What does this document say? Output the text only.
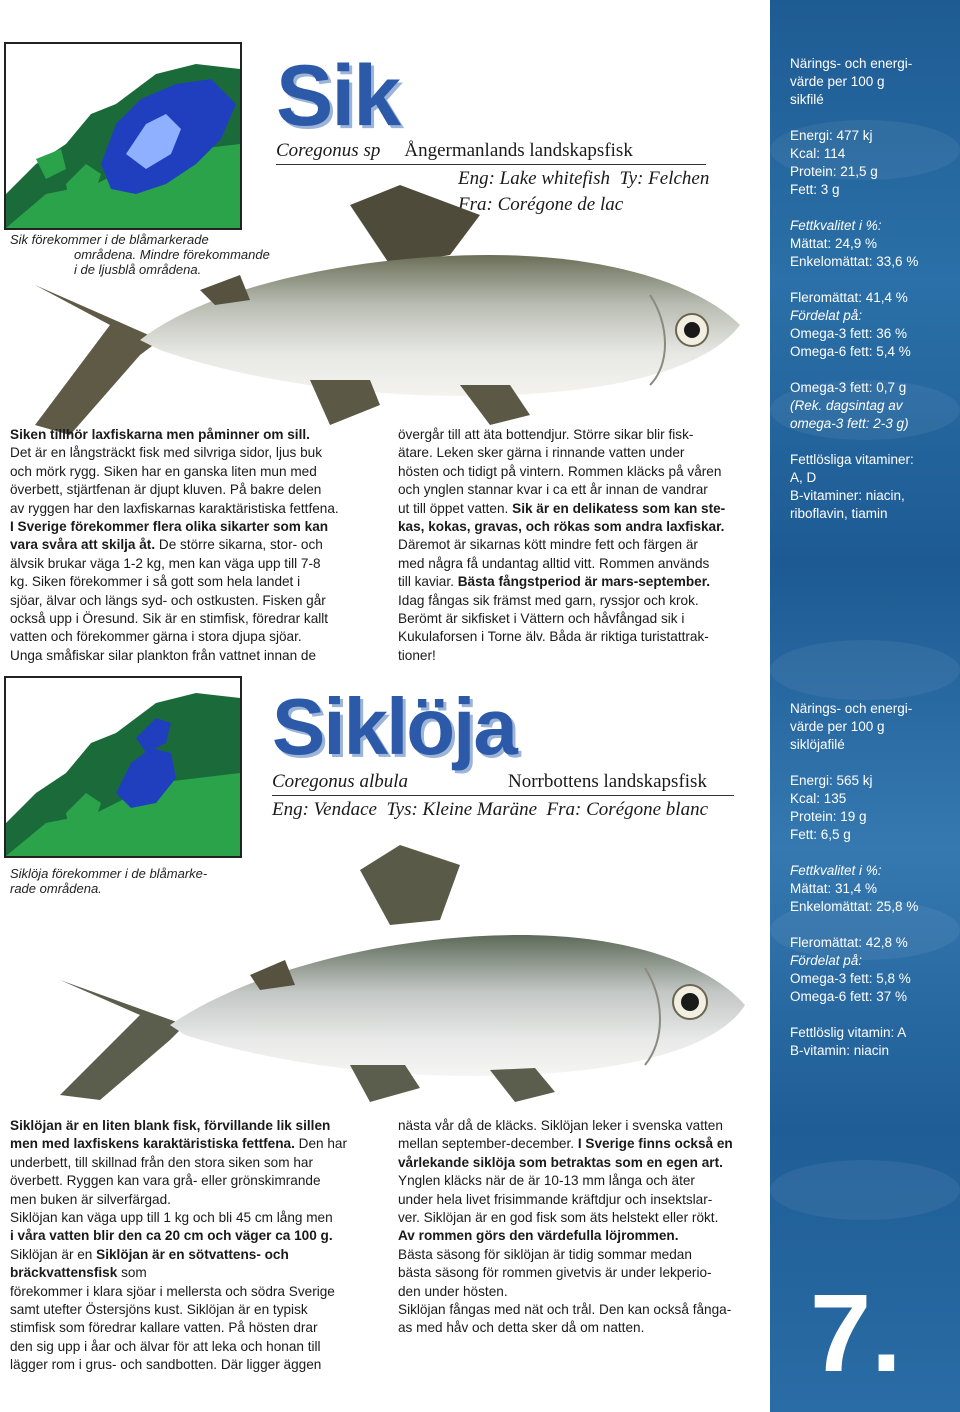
Sik förekommer i de blåmarkerade
områdena. Mindre förekommande
i de ljusblå områdena.
Sik
Coregonus sp Ångermanlands landskapsfisk
Eng: Lake whitefish Ty: Felchen
Fra: Corégone de lac

Siken tillhör laxfiskarna men påminner om sill.

Det är en långsträckt fisk med silvriga sidor, ljus buk

och mörk rygg. Siken har en ganska liten mun med

överbett, stjärtfenan är djupt kluven. På bakre delen

av ryggen har den laxfiskarnas karaktäristiska fettfena.

I Sverige förekommer flera olika sikarter som kan

vara svåra att skilja åt. De större sikarna, stor- och

älvsik brukar väga 1-2 kg, men kan väga upp till 7-8

kg. Siken förekommer i så gott som hela landet i

sjöar, älvar och längs syd- och ostkusten. Fisken går

också upp i Öresund. Sik är en stimfisk, föredrar kallt

vatten och förekommer gärna i stora djupa sjöar.

Unga småfiskar silar plankton från vattnet innan de

övergår till att äta bottendjur. Större sikar blir fisk-

ätare. Leken sker gärna i rinnande vatten under

hösten och tidigt på vintern. Rommen kläcks på våren

och ynglen stannar kvar i ca ett år innan de vandrar

ut till öppet vatten. Sik är en delikatess som kan ste-

kas, kokas, gravas, och rökas som andra laxfiskar.

Däremot är sikarnas kött mindre fett och färgen är

med några få undantag alltid vitt. Rommen används

till kaviar. Bästa fångstperiod är mars-september.

Idag fångas sik främst med garn, ryssjor och krok.

Berömt är sikfisket i Vättern och håvfångad sik i

Kukulaforsen i Torne älv. Båda är riktiga turistattrak-

tioner!

Närings- och energi-
värde per 100 g
sikfilé
Energi: 477 kj
Kcal: 114
Protein: 21,5 g
Fett: 3 g
Fettkvalitet i %:
Mättat: 24,9 %
Enkelomättat: 33,6 %
Fleromättat: 41,4 %
Fördelat på:
Omega-3 fett: 36 %
Omega-6 fett: 5,4 %
Omega-3 fett: 0,7 g
(Rek. dagsintag av
omega-3 fett: 2-3 g)
Fettlösliga vitaminer:
A, D
B-vitaminer: niacin,
riboflavin, tiamin
Siklöja förekommer i de blåmarke-
rade områdena.
Siklöja
Coregonus albula	Norrbottens landskapsfisk
Eng: Vendace Tys: Kleine Maräne Fra: Corégone blanc

Siklöjan är en liten blank fisk, förvillande lik sillen

men med laxfiskens karaktäristiska fettfena. Den har

underbett, till skillnad från den stora siken som har

överbett. Ryggen kan vara grå- eller grönskimrande

men buken är silverfärgad.

Siklöjan kan väga upp till 1 kg och bli 45 cm lång men

i våra vatten blir den ca 20 cm och väger ca 100 g.

Siklöjan är en Siklöjan är en sötvattens- och bräckvattensfisk som

förekommer i klara sjöar i mellersta och södra Sverige

samt utefter Östersjöns kust. Siklöjan är en typisk

stimfisk som föredrar kallare vatten. På hösten drar

den sig upp i åar och älvar för att leka och honan till

lägger rom i grus- och sandbotten. Där ligger äggen

nästa vår då de kläcks. Siklöjan leker i svenska vatten

mellan september-december. I Sverige finns också en

vårlekande siklöja som betraktas som en egen art.

Ynglen kläcks när de är 10-13 mm långa och äter

under hela livet frisimmande kräftdjur och insektslar-

ver. Siklöjan är en god fisk som äts helstekt eller rökt.

Av rommen görs den värdefulla löjrommen.

Bästa säsong för siklöjan är tidig sommar medan

bästa säsong för rommen givetvis är under lekperio-

den under hösten.

Siklöjan fångas med nät och trål. Den kan också fånga-

as med håv och detta sker då om natten.

Närings- och energi-
värde per 100 g
siklöjafilé
Energi: 565 kj
Kcal: 135
Protein: 19 g
Fett: 6,5 g
Fettkvalitet i %:
Mättat: 31,4 %
Enkelomättat: 25,8 %
Fleromättat: 42,8 %
Fördelat på:
Omega-3 fett: 5,8 %
Omega-6 fett: 37 %
Fettlöslig vitamin: A
B-vitamin: niacin
7.
